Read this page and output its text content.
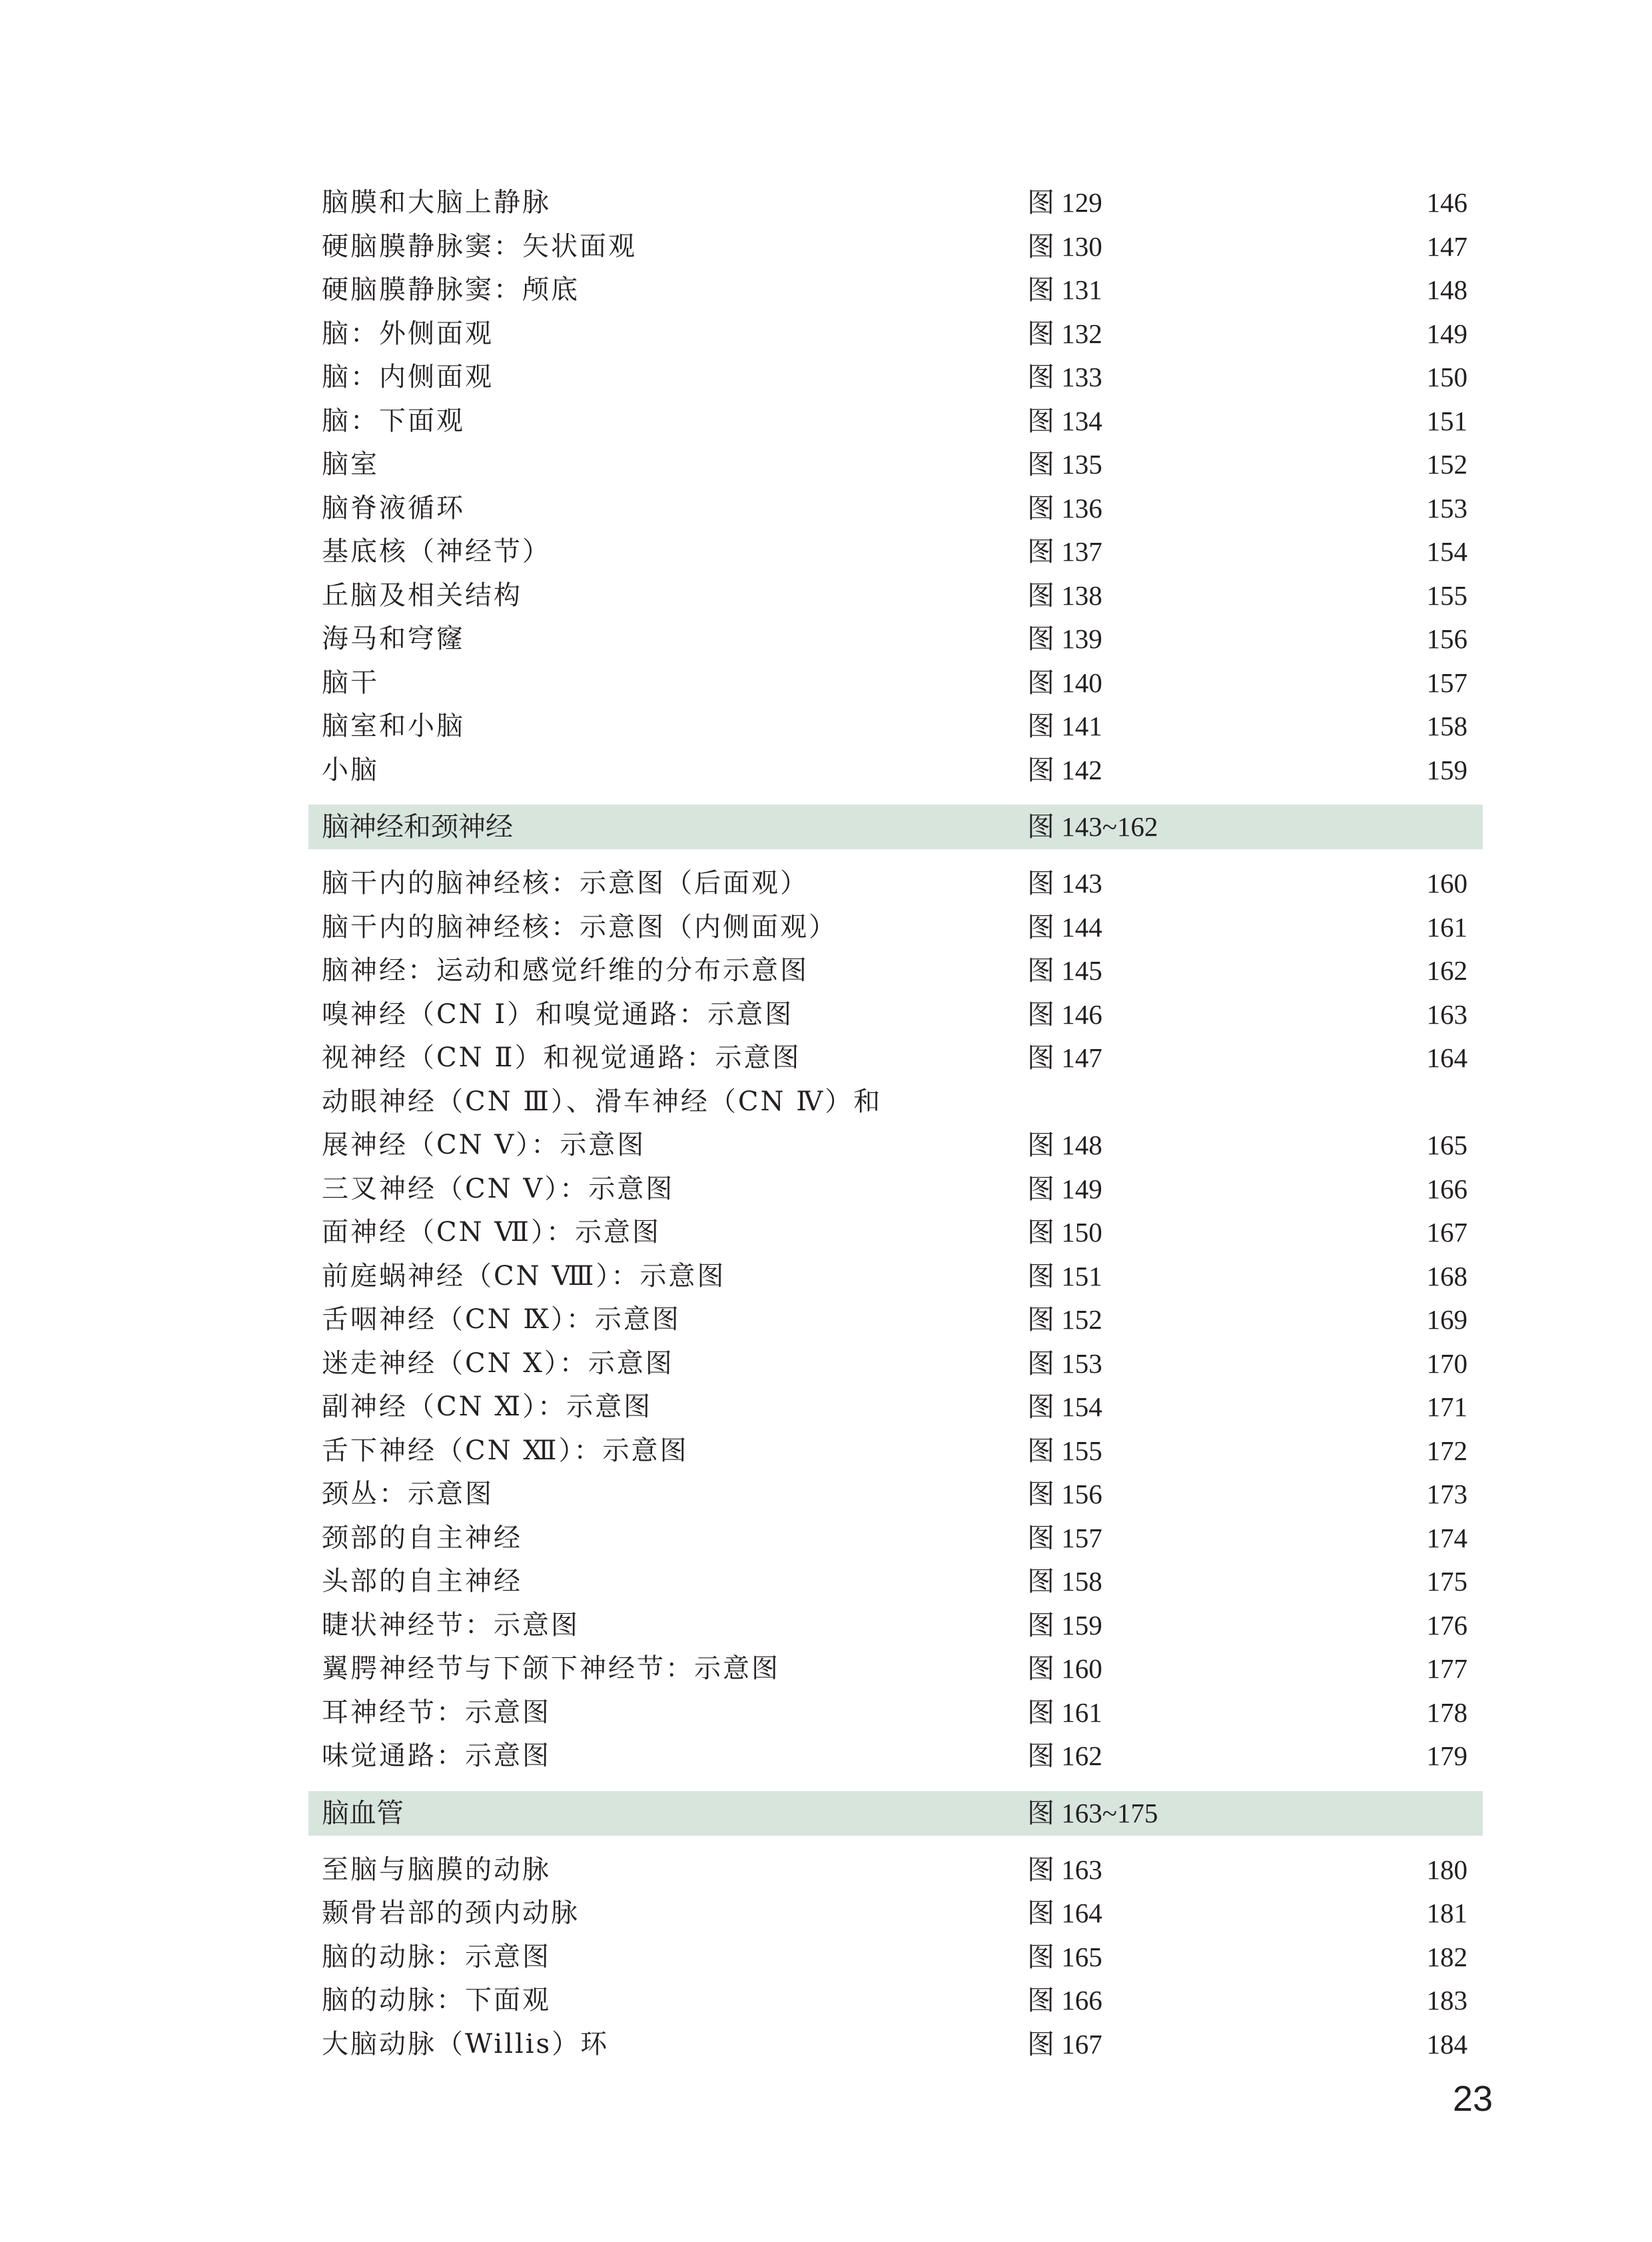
脑膜和大脑上静脉	图 129	146
硬脑膜静脉窦：矢状面观	图 130	147
硬脑膜静脉窦：颅底	图 131	148
脑：外侧面观	图 132	149
脑：内侧面观	图 133	150
脑：下面观	图 134	151
脑室	图 135	152
脑脊液循环	图 136	153
基底核（神经节）	图 137	154
丘脑及相关结构	图 138	155
海马和穹窿	图 139	156
脑干	图 140	157
脑室和小脑	图 141	158
小脑	图 142	159
脑神经和颈神经	图 143~162
脑干内的脑神经核：示意图（后面观）	图 143	160
脑干内的脑神经核：示意图（内侧面观）	图 144	161
脑神经：运动和感觉纤维的分布示意图	图 145	162
嗅神经（CN Ⅰ）和嗅觉通路：示意图	图 146	163
视神经（CN Ⅱ）和视觉通路：示意图	图 147	164
动眼神经（CN Ⅲ）、滑车神经（CN Ⅳ）和
展神经（CN Ⅴ）：示意图	图 148	165
三叉神经（CN Ⅴ）：示意图	图 149	166
面神经（CN Ⅶ）：示意图	图 150	167
前庭蜗神经（CN Ⅷ）：示意图	图 151	168
舌咽神经（CN Ⅸ）：示意图	图 152	169
迷走神经（CN Ⅹ）：示意图	图 153	170
副神经（CN Ⅺ）：示意图	图 154	171
舌下神经（CN Ⅻ）：示意图	图 155	172
颈丛：示意图	图 156	173
颈部的自主神经	图 157	174
头部的自主神经	图 158	175
睫状神经节：示意图	图 159	176
翼腭神经节与下颌下神经节：示意图	图 160	177
耳神经节：示意图	图 161	178
味觉通路：示意图	图 162	179
脑血管	图 163~175
至脑与脑膜的动脉	图 163	180
颞骨岩部的颈内动脉	图 164	181
脑的动脉：示意图	图 165	182
脑的动脉：下面观	图 166	183
大脑动脉（Willis）环	图 167	184
23
